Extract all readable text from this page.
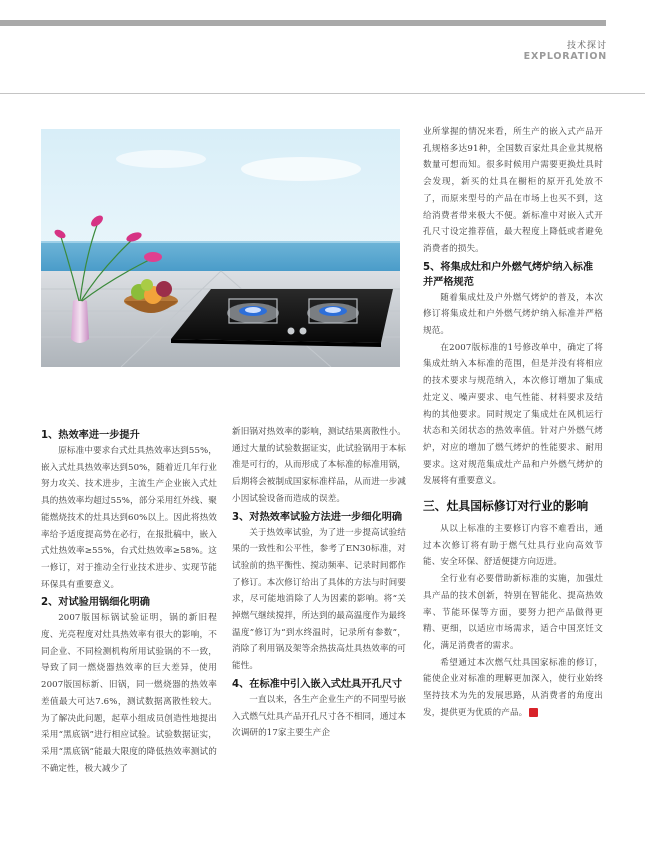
技术探讨
EXPLORATION
1、热效率进一步提升

原标准中要求台式灶具热效率达到55%，嵌入式灶具热效率达到50%，随着近几年行业努力攻关、技术进步，主流生产企业嵌入式灶具的热效率均超过55%，部分采用红外线、聚能燃烧技术的灶具达到60%以上。因此将热效率给予适度提高势在必行，在报批稿中，嵌入式灶热效率≥55%，台式灶热效率≥58%。这一修订，对于推动全行业技术进步、实现节能环保具有重要意义。

2、对试验用锅细化明确

2007版国标锅试验证明，锅的新旧程度、光亮程度对灶具热效率有很大的影响，不同企业、不同检测机构所用试验锅的不一致，导致了同一燃烧器热效率的巨大差异，使用2007版国标新、旧锅，同一燃烧器的热效率差值最大可达7.6%，测试数据离散性较大。为了解决此问题，起草小组成员创造性地提出采用“黑底锅”进行相应试验。试验数据证实，采用“黑底锅”能最大限度的降低热效率测试的不确定性，极大减少了

新旧锅对热效率的影响，测试结果离散性小。通过大量的试验数据证实，此试验锅用于本标准是可行的，从而形成了本标准的标准用锅，后期将会被制成国家标准样品，从而进一步减小因试验设备而造成的误差。

3、对热效率试验方法进一步细化明确

关于热效率试验，为了进一步提高试验结果的一致性和公平性，参考了EN30标准，对试验前的热平衡性、搅动频率、记录时间都作了修订。本次修订给出了具体的方法与时间要求，尽可能地消除了人为因素的影响。将“关掉燃气继续搅拌，所达到的最高温度作为最终温度”修订为“到水终温时，记录所有参数”，消除了利用锅及架等余热拔高灶具热效率的可能性。

4、在标准中引入嵌入式灶具开孔尺寸

一直以来，各生产企业生产的不同型号嵌入式燃气灶具产品开孔尺寸各不相同，通过本次调研的17家主要生产企

业所掌握的情况来看，所生产的嵌入式产品开孔规格多达91种，全国数百家灶具企业其规格数量可想而知。很多时候用户需要更换灶具时会发现，新买的灶具在橱柜的原开孔处放不了，而原来型号的产品在市场上也买不到，这给消费者带来极大不便。新标准中对嵌入式开孔尺寸设定推荐值，最大程度上降低或者避免消费者的损失。

5、将集成灶和户外燃气烤炉纳入标准并严格规范

随着集成灶及户外燃气烤炉的普及，本次修订将集成灶和户外燃气烤炉纳入标准并严格规范。

在2007版标准的1号修改单中，确定了将集成灶纳入本标准的范围，但是并没有将相应的技术要求与规范纳入，本次修订增加了集成灶定义、噪声要求、电气性能、材料要求及结构的其他要求。同时规定了集成灶在风机运行状态和关闭状态的热效率值。针对户外燃气烤炉，对应的增加了燃气烤炉的性能要求、耐用要求。这对规范集成灶产品和户外燃气烤炉的发展将有重要意义。

三、灶具国标修订对行业的影响

从以上标准的主要修订内容不难看出，通过本次修订将有助于燃气灶具行业向高效节能、安全环保、舒适便捷方向迈进。

全行业有必要借助新标准的实施，加强灶具产品的技术创新，特别在智能化、提高热效率、节能环保等方面，要努力把产品做得更精、更细，以适应市场需求，适合中国烹饪文化，满足消费者的需求。

希望通过本次燃气灶具国家标准的修订，能使企业对标准的理解更加深入，使行业始终坚持技术为先的发展思路，从消费者的角度出发，提供更为优质的产品。	G
